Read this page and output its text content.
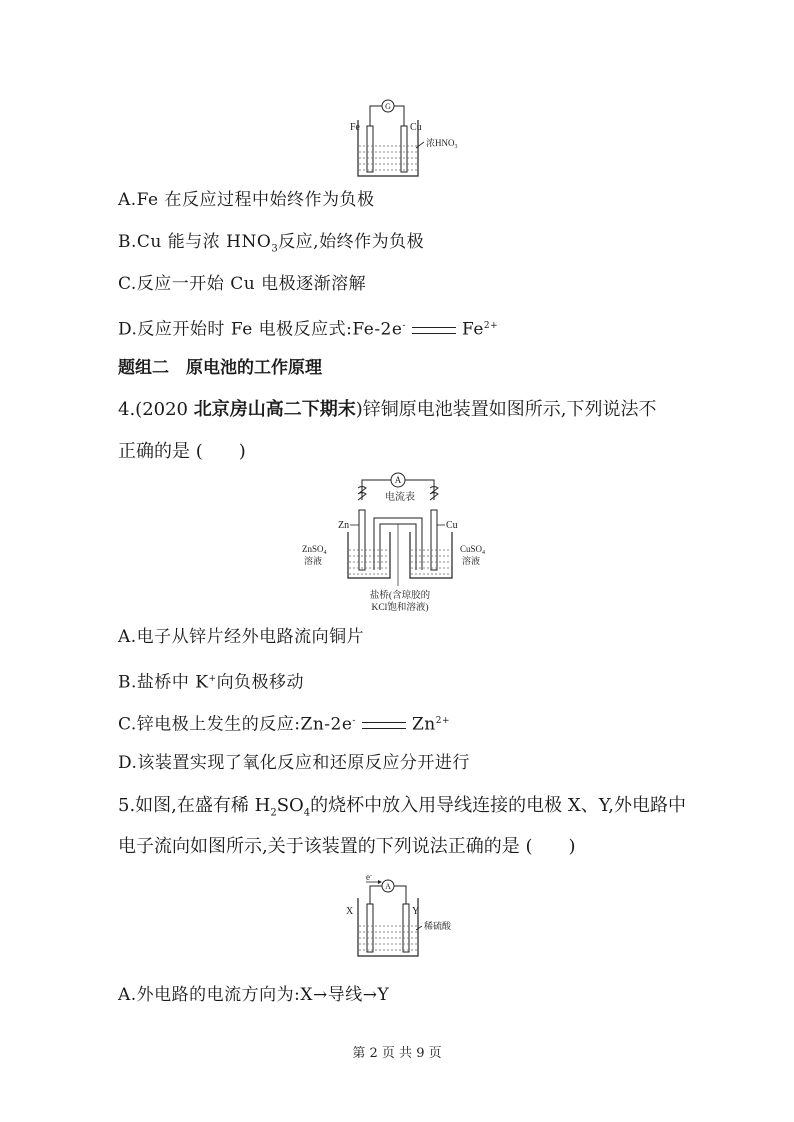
G
Fe	Cu
浓$HNO_3$
A.Fe 在反应过程中始终作为负极
B.Cu 能与浓 $HNO_3$反应,始终作为负极
C.反应一开始 Cu 电极逐渐溶解
D.反应开始时 Fe 电极反应式:Fe-2e-	$Fe^{2+}$
题组二　原电池的工作原理
4.(2020 北京房山高二下期末)锌铜原电池装置如图所示,下列说法不
正确的是 (　　)
A
电流表
Zn	Cu
ZnSO$_4$
溶液
CuSO$_4$
溶液
盐桥(含琼胶的
KCl饱和溶液)
A.电子从锌片经外电路流向铜片
B.盐桥中 K+向负极移动
C.锌电极上发生的反应:Zn-2e-	$Zn^{2+}$
D.该装置实现了氧化反应和还原反应分开进行
5.如图,在盛有稀 $H_2SO_4$的烧杯中放入用导线连接的电极 X、Y,外电路中
电子流向如图所示,关于该装置的下列说法正确的是 (　　)
e-
A
X	Y
稀硫酸
A.外电路的电流方向为:X→导线→Y
第 2 页 共 9 页
